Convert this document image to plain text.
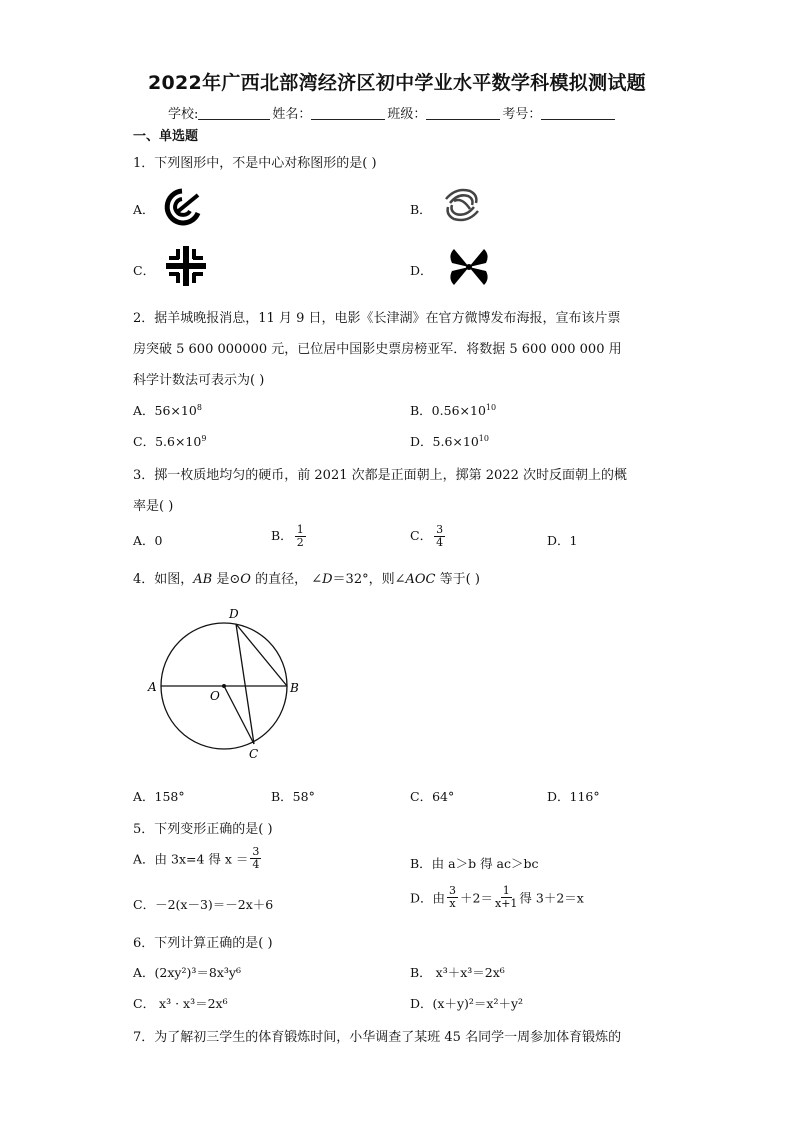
2022年广西北部湾经济区初中学业水平数学科模拟测试题
学校:	姓名：	班级：	考号：
一、单选题
1．下列图形中，不是中心对称图形的是( )
A．	B．
C．	D．
2．据羊城晚报消息，11 月 9 日，电影《长津湖》在官方微博发布海报，宣布该片票
房突破 5 600 000000 元，已位居中国影史票房榜亚军．将数据 5 600 000 000 用
科学计数法可表示为( )
A．$56\times 10^8$	B．$0.56\times 10^{10}$
C．$5.6\times 10^9$	D．$5.6\times 10^{10}$
3．掷一枚质地均匀的硬币，前 2021 次都是正面朝上，掷第 2022 次时反面朝上的概
率是( )
A．0	B． $\frac{1}{2}$	C． $\frac{3}{4}$	D．1
4．如图，AB 是⊙O 的直径， ∠D＝32°，则∠AOC 等于( )
A	B
C
D
O
A．158°	B．58°	C．64°	D．116°
5．下列变形正确的是( )
A．由 3x=4 得 $x = \frac{3}{4}$	B．由 a＞b 得 ac＞bc
C．－2(x－3)＝－2x＋6	D．由 $\frac{3}{x} +2= \frac{1}{x+1}$ 得 3＋2＝x
6．下列计算正确的是( )
A．(2xy²)³＝8x³y⁶	B． x³＋x³＝2x⁶
C． x³ · x³＝2x⁶	D．(x＋y)²＝x²＋y²
7．为了解初三学生的体育锻炼时间，小华调查了某班 45 名同学一周参加体育锻炼的
